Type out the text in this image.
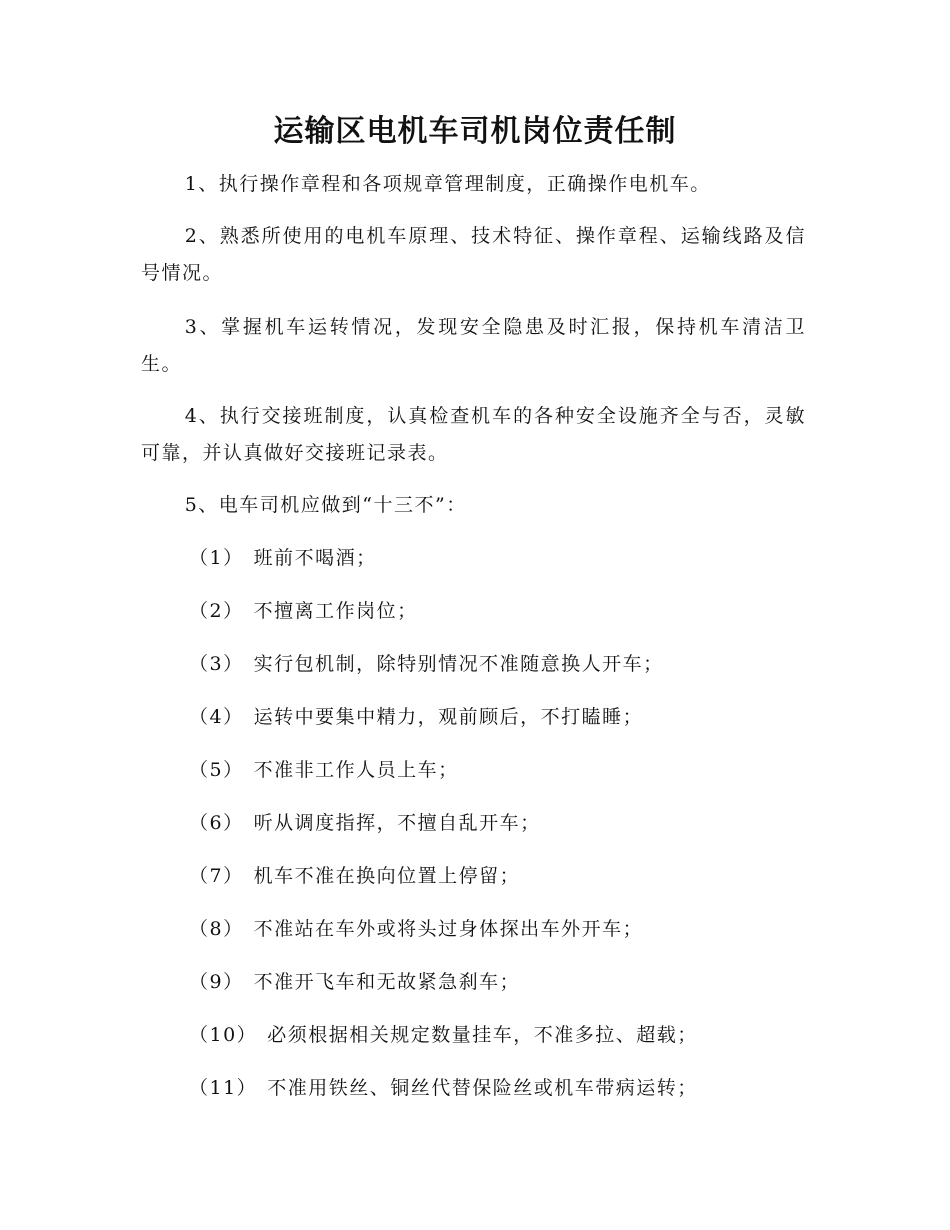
运输区电机车司机岗位责任制

1、执行操作章程和各项规章管理制度，正确操作电机车。

2、熟悉所使用的电机车原理、技术特征、操作章程、运输线路及信号情况。

3、掌握机车运转情况，发现安全隐患及时汇报，保持机车清洁卫生。

4、执行交接班制度，认真检查机车的各种安全设施齐全与否，灵敏可靠，并认真做好交接班记录表。

5、电车司机应做到“十三不”：

（1） 班前不喝酒；

（2） 不擅离工作岗位；

（3） 实行包机制，除特别情况不准随意换人开车；

（4） 运转中要集中精力，观前顾后，不打瞌睡；

（5） 不准非工作人员上车；

（6） 听从调度指挥，不擅自乱开车；

（7） 机车不准在换向位置上停留；

（8） 不准站在车外或将头过身体探出车外开车；

（9） 不准开飞车和无故紧急刹车；

（10） 必须根据相关规定数量挂车，不准多拉、超载；

（11） 不准用铁丝、铜丝代替保险丝或机车带病运转；
